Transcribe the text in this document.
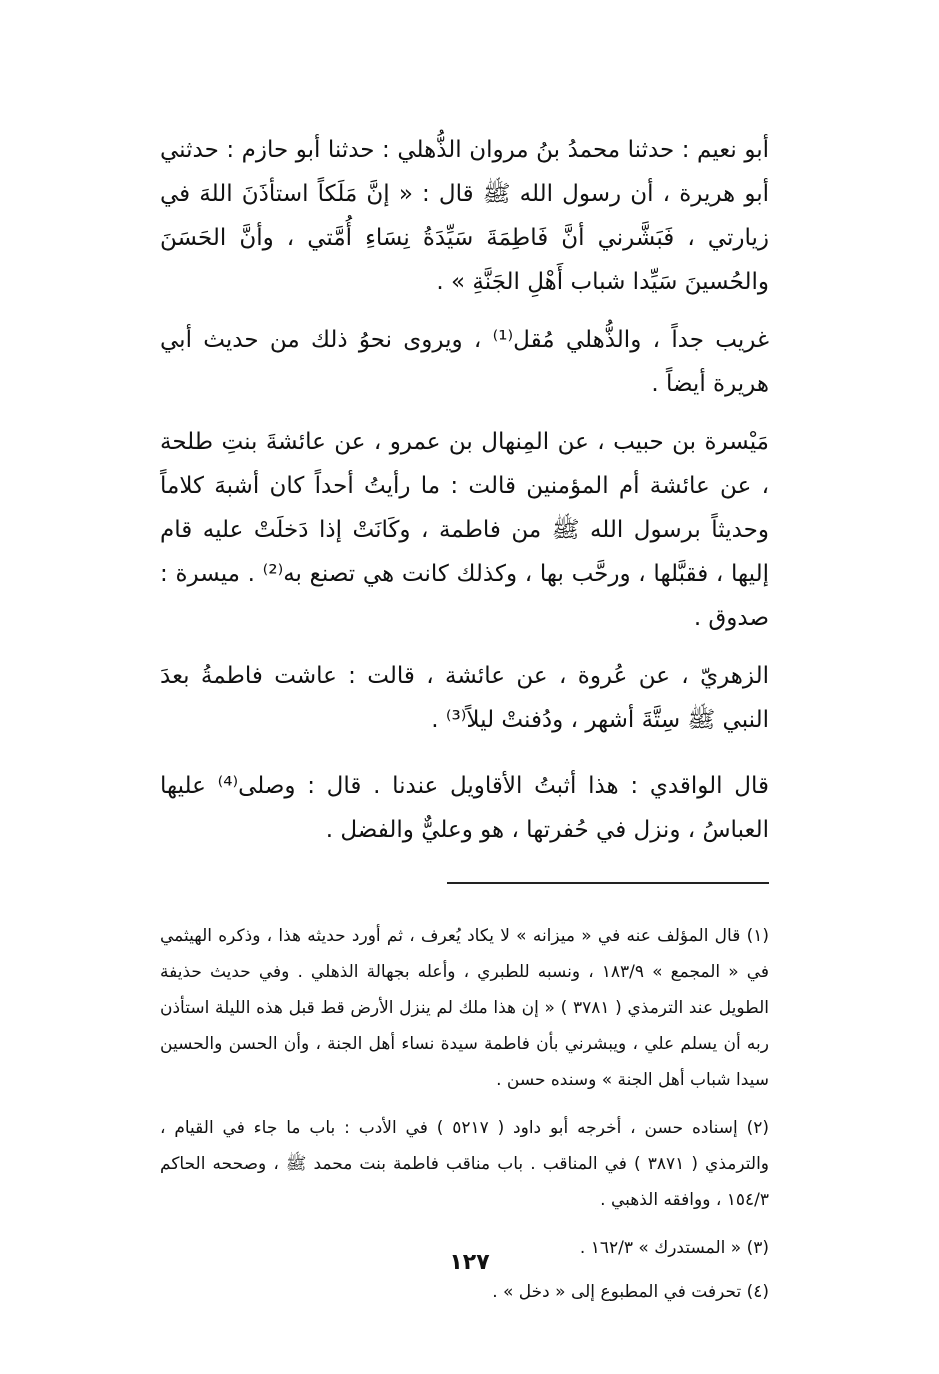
أبو نعيم : حدثنا محمدُ بنُ مروان الذُّهلي : حدثنا أبو حازم : حدثني أبو هريرة ، أن رسول الله ﷺ قال : « إنَّ مَلَكاً استأذَنَ اللهَ في زيارتي ، فَبَشَّرني أنَّ فَاطِمَةَ سَيِّدَةُ نِسَاءِ أُمَّتي ، وأنَّ الحَسَنَ والحُسينَ سَيِّدا شباب أَهْلِ الجَنَّةِ » .

غريب جداً ، والذُّهلي مُقل⁽¹⁾ ، ويروى نحوُ ذلك من حديث أبي هريرة أيضاً .

مَيْسرة بن حبيب ، عن المِنهال بن عمرو ، عن عائشةَ بنتِ طلحة ، عن عائشة أم المؤمنين قالت : ما رأيتُ أحداً كان أشبهَ كلاماً وحديثاً برسول الله ﷺ من فاطمة ، وكَانَتْ إذا دَخلَتْ عليه قام إليها ، فقبَّلها ، ورحَّب بها ، وكذلك كانت هي تصنع به⁽²⁾ . ميسرة : صدوق .

الزهريّ ، عن عُروة ، عن عائشة ، قالت : عاشت فاطمةُ بعدَ النبي ﷺ سِتَّةَ أشهر ، ودُفنتْ ليلاً⁽³⁾ .

قال الواقدي : هذا أثبتُ الأقاويل عندنا . قال : وصلى⁽⁴⁾ عليها العباسُ ، ونزل في حُفرتها ، هو وعليٌّ والفضل .

(١) قال المؤلف عنه في « ميزانه » لا يكاد يُعرف ، ثم أورد حديثه هذا ، وذكره الهيثمي في « المجمع » ١٨٣/٩ ، ونسبه للطبري ، وأعله بجهالة الذهلي . وفي حديث حذيفة الطويل عند الترمذي ( ٣٧٨١ ) « إن هذا ملك لم ينزل الأرض قط قبل هذه الليلة استأذن ربه أن يسلم علي ، ويبشرني بأن فاطمة سيدة نساء أهل الجنة ، وأن الحسن والحسين سيدا شباب أهل الجنة » وسنده حسن .

(٢) إسناده حسن ، أخرجه أبو داود ( ٥٢١٧ ) في الأدب : باب ما جاء في القيام ، والترمذي ( ٣٨٧١ ) في المناقب . باب مناقب فاطمة بنت محمد ﷺ ، وصححه الحاكم ١٥٤/٣ ، ووافقه الذهبي .

(٣) « المستدرك » ١٦٢/٣ .

(٤) تحرفت في المطبوع إلى « دخل » .

١٢٧
